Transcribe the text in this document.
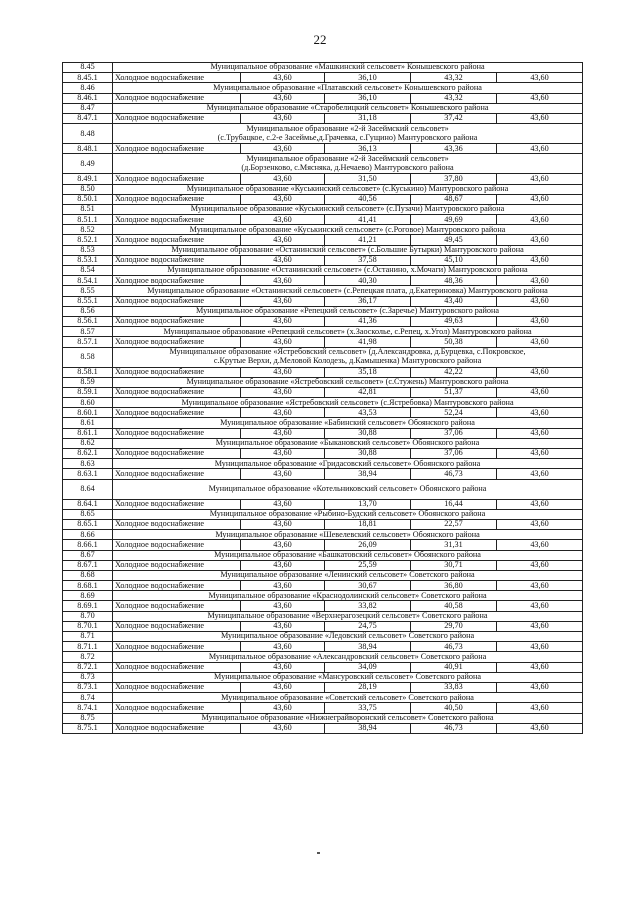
22
8.45	Муниципальное образование «Машкинский сельсовет» Конышевского района				
8.45.1	Холодное водоснабжение	43,60	36,10	43,32	43,60
8.46	Муниципальное образование «Платавский сельсовет» Конышевского района				
8.46.1	Холодное водоснабжение	43,60	36,10	43,32	43,60
8.47	Муниципальное образование «Старобелицкий сельсовет» Конышевского района				
8.47.1	Холодное водоснабжение	43,60	31,18	37,42	43,60
8.48	Муниципальное образование «2-й Засеймский сельсовет»
(с.Трубацкое, с.2-е Засеймье,д.Грачевка, с.Гущино) Мантуровского района				

8.48.1	Холодное водоснабжение	43,60	36,13	43,36	43,60
8.49	Муниципальное образование «2-й Засеймский сельсовет»
(д.Борзенково, с.Мясняка, д.Нечаево) Мантуровского района				

8.49.1	Холодное водоснабжение	43,60	31,50	37,80	43,60
8.50	Муниципальное образование «Куськинский сельсовет» (с.Куськино) Мантуровского района				
8.50.1	Холодное водоснабжение	43,60	40,56	48,67	43,60
8.51	Муниципальное образование «Куськинский сельсовет» (с.Пузачи) Мантуровского района				
8.51.1	Холодное водоснабжение	43,60	41,41	49,69	43,60
8.52	Муниципальное образование «Куськинский сельсовет» (с.Роговое) Мантуровского района				
8.52.1	Холодное водоснабжение	43,60	41,21	49,45	43,60
8.53	Муниципальное образование «Останинский сельсовет» (с.Большие Бутырки) Мантуровского района				
8.53.1	Холодное водоснабжение	43,60	37,58	45,10	43,60
8.54	Муниципальное образование «Останинский сельсовет» (с.Останино, х.Мочаги) Мантуровского района				
8.54.1	Холодное водоснабжение	43,60	40,30	48,36	43,60
8.55	Муниципальное образование «Останинский сельсовет» (с.Репецкая плата, д.Екатериновка) Мантуровского района				
8.55.1	Холодное водоснабжение	43,60	36,17	43,40	43,60
8.56	Муниципальное образование «Репецкий сельсовет» (с.Заречье) Мантуровского района				
8.56.1	Холодное водоснабжение	43,60	41,36	49,63	43,60
8.57	Муниципальное образование «Репецкий сельсовет» (х.Заосколье, с.Репец, х.Угол) Мантуровского района				
8.57.1	Холодное водоснабжение	43,60	41,98	50,38	43,60
8.58	Муниципальное образование «Ястребовский сельсовет» (д.Александровка, д.Бурцевка, с.Покровское,
с.Крутые Верхи, д.Меловой Колодезь, д.Камышенка) Мантуровского района				

8.58.1	Холодное водоснабжение	43,60	35,18	42,22	43,60
8.59	Муниципальное образование «Ястребовский сельсовет» (с.Стужень) Мантуровского района				
8.59.1	Холодное водоснабжение	43,60	42,81	51,37	43,60
8.60	Муниципальное образование «Ястребовский сельсовет» (с.Ястребовка) Мантуровского района				
8.60.1	Холодное водоснабжение	43,60	43,53	52,24	43,60
8.61	Муниципальное образование «Бабинский сельсовет» Обоянского района				
8.61.1	Холодное водоснабжение	43,60	30,88	37,06	43,60
8.62	Муниципальное образование «Быкановский сельсовет» Обоянского района				
8.62.1	Холодное водоснабжение	43,60	30,88	37,06	43,60
8.63	Муниципальное образование «Гридасовский сельсовет» Обоянского района				
8.63.1	Холодное водоснабжение	43,60	38,94	46,73	43,60
8.64	Муниципальное образование «Котельниковский сельсовет» Обоянского района				
8.64.1	Холодное водоснабжение	43,60	13,70	16,44	43,60
8.65	Муниципальное образование «Рыбино-Будский сельсовет» Обоянского района				
8.65.1	Холодное водоснабжение	43,60	18,81	22,57	43,60
8.66	Муниципальное образование «Шевелевский сельсовет» Обоянского района				
8.66.1	Холодное водоснабжение	43,60	26,09	31,31	43,60
8.67	Муниципальное образование «Башкатовский сельсовет» Обоянского района				
8.67.1	Холодное водоснабжение	43,60	25,59	30,71	43,60
8.68	Муниципальное образование «Ленинский сельсовет» Советского района				
8.68.1	Холодное водоснабжение	43,60	30,67	36,80	43,60
8.69	Муниципальное образование «Краснодолинский сельсовет» Советского района				
8.69.1	Холодное водоснабжение	43,60	33,82	40,58	43,60
8.70	Муниципальное образование «Верхнерагозецкий сельсовет» Советского района				
8.70.1	Холодное водоснабжение	43,60	24,75	29,70	43,60
8.71	Муниципальное образование «Ледовский сельсовет» Советского района				
8.71.1	Холодное водоснабжение	43,60	38,94	46,73	43,60
8.72	Муниципальное образование «Александровский сельсовет» Советского района				
8.72.1	Холодное водоснабжение	43,60	34,09	40,91	43,60
8.73	Муниципальное образование «Мансуровский сельсовет» Советского района				
8.73.1	Холодное водоснабжение	43,60	28,19	33,83	43,60
8.74	Муниципальное образование «Советский сельсовет» Советского района				
8.74.1	Холодное водоснабжение	43,60	33,75	40,50	43,60
8.75	Муниципальное образование «Нижнеграйворонский сельсовет» Советского района				
8.75.1	Холодное водоснабжение	43,60	38,94	46,73	43,60
